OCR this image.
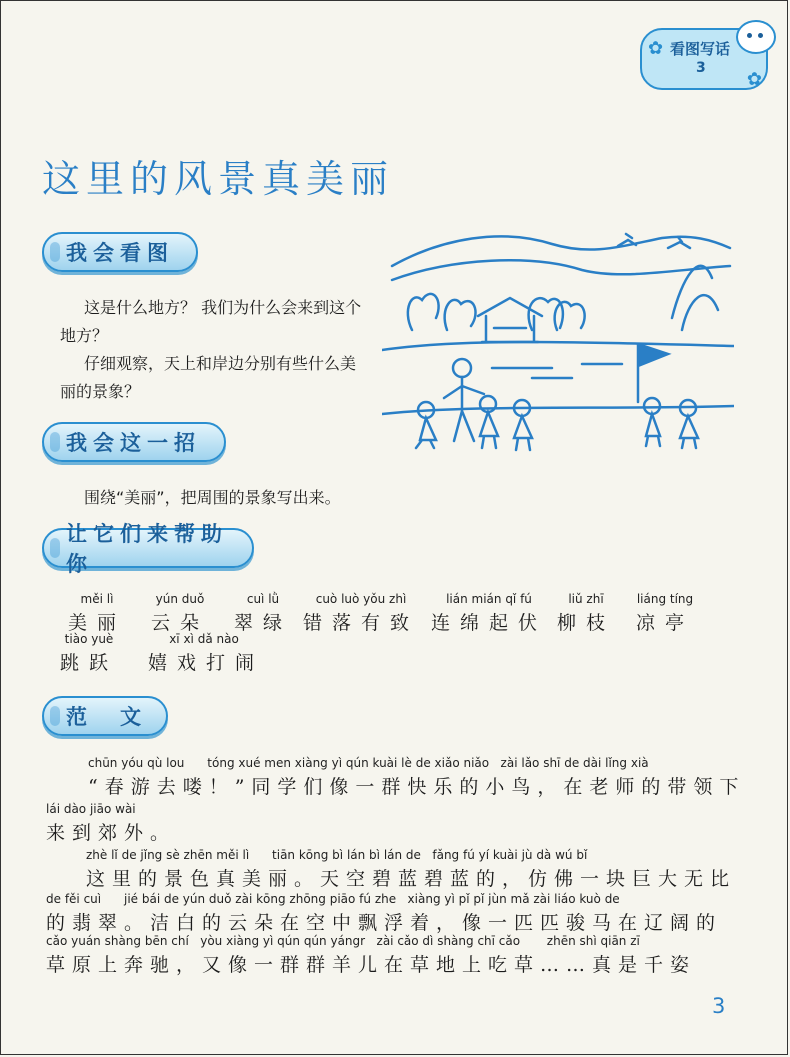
✿ 看图写话
3
✿
这里的风景真美丽
我会看图
这是什么地方？ 我们为什么会来到这个地方？
仔细观察，天上和岸边分别有些什么美丽的景象？
我会这一招
围绕“美丽”，把周围的景象写出来。
让它们来帮助你
měi lì
美丽
yún duǒ
云朵
cuì lǜ
翠绿
cuò luò yǒu zhì
错落有致
lián mián qǐ fú
连绵起伏
liǔ zhī
柳枝
liáng tíng
凉亭
tiào yuè
跳跃
xī xì dǎ nào
嬉戏打闹
范　文
chūn yóu qù lou      tóng xué men xiàng yì qún kuài lè de xiǎo niǎo   zài lǎo shī de dài lǐng xià
“春游去喽！”同学们像一群快乐的小鸟，在老师的带领下
lái dào jiāo wài
来到郊外。
zhè lǐ de jǐng sè zhēn měi lì      tiān kōng bì lán bì lán de   fǎng fú yí kuài jù dà wú bǐ
这里的景色真美丽。天空碧蓝碧蓝的，仿佛一块巨大无比
de fěi cuì      jié bái de yún duǒ zài kōng zhōng piāo fú zhe   xiàng yì pǐ pǐ jùn mǎ zài liáo kuò de
的翡翠。洁白的云朵在空中飘浮着，像一匹匹骏马在辽阔的
cǎo yuán shàng bēn chí   yòu xiàng yì qún qún yángr   zài cǎo dì shàng chī cǎo       zhēn shì qiān zī
草原上奔驰，又像一群群羊儿在草地上吃草……真是千姿
3
